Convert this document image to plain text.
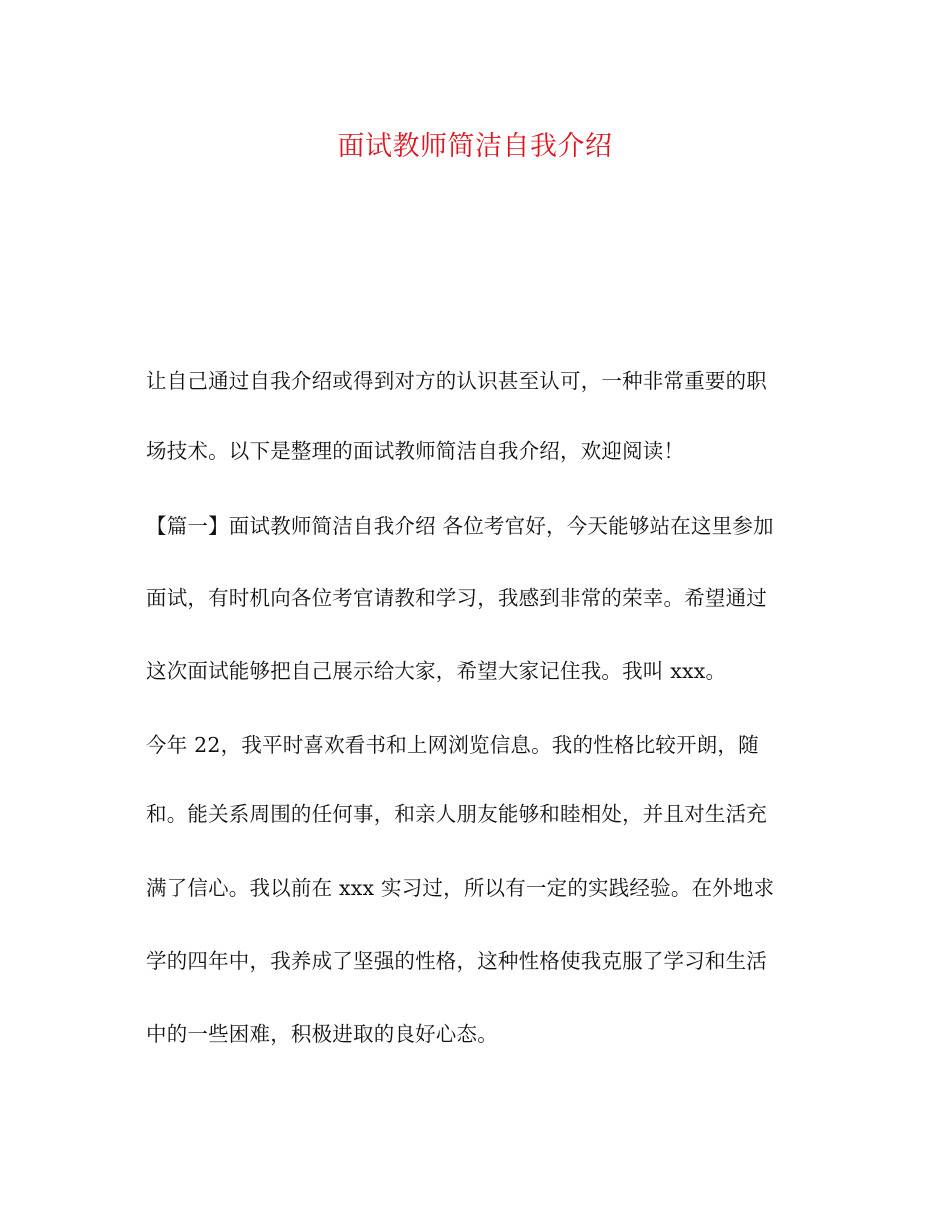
面试教师简洁自我介绍
让自己通过自我介绍或得到对方的认识甚至认可，一种非常重要的职
场技术。以下是整理的面试教师简洁自我介绍，欢迎阅读！
【篇一】面试教师简洁自我介绍 各位考官好，今天能够站在这里参加
面试，有时机向各位考官请教和学习，我感到非常的荣幸。希望通过
这次面试能够把自己展示给大家，希望大家记住我。我叫 xxx。
今年 22，我平时喜欢看书和上网浏览信息。我的性格比较开朗，随
和。能关系周围的任何事，和亲人朋友能够和睦相处，并且对生活充
满了信心。我以前在 xxx 实习过，所以有一定的实践经验。在外地求
学的四年中，我养成了坚强的性格，这种性格使我克服了学习和生活
中的一些困难，积极进取的良好心态。
